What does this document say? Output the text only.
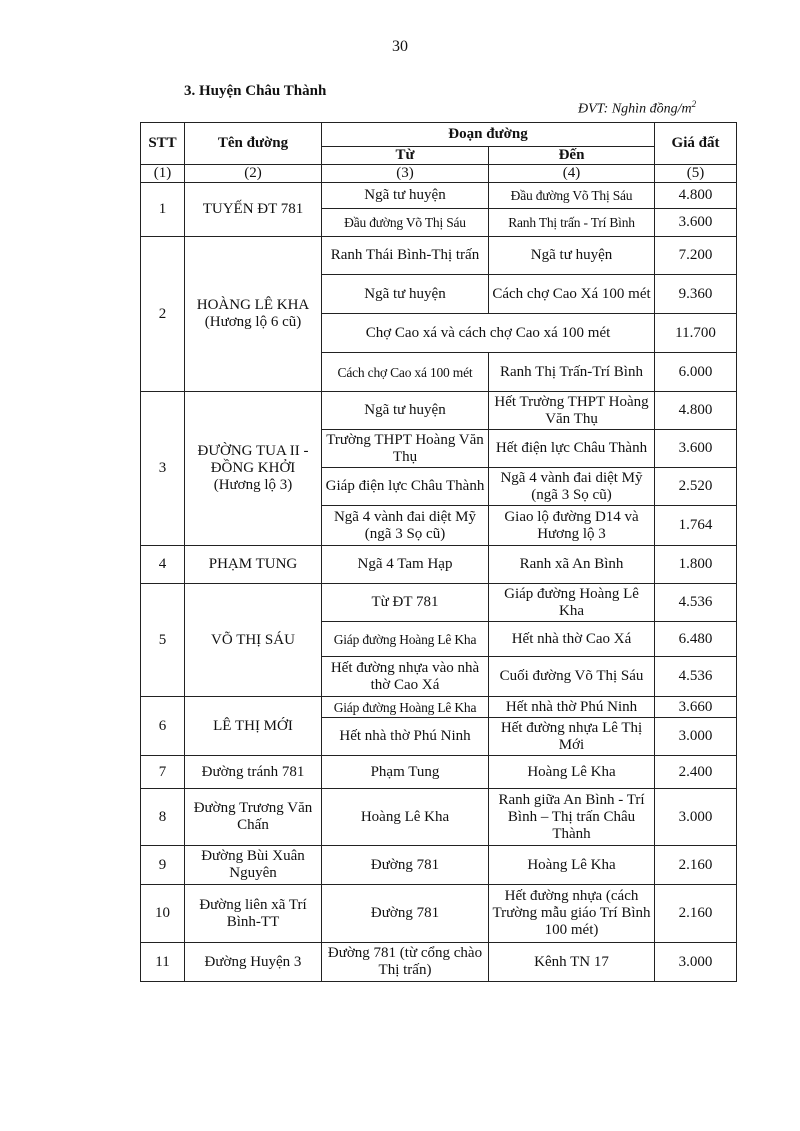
30
3. Huyện Châu Thành
ĐVT: Nghìn đồng/$m^2$
STT	Tên đường	Đoạn đường		Giá đất
		Từ	Đến	
(1)	(2)	(3)	(4)	(5)
1	TUYẾN ĐT 781	Ngã tư huyện	Đầu đường Võ Thị Sáu	4.800
		Đầu đường Võ Thị Sáu	Ranh Thị trấn - Trí Bình	3.600
2	HOÀNG LÊ KHA (Hương lộ 6 cũ)	Ranh Thái Bình-Thị trấn	Ngã tư huyện	7.200
		Ngã tư huyện	Cách chợ Cao Xá 100 mét	9.360
		Chợ Cao xá và cách chợ Cao xá 100 mét		11.700
		Cách chợ Cao xá 100 mét	Ranh Thị Trấn-Trí Bình	6.000
3	ĐƯỜNG TUA II - ĐỒNG KHỞI (Hương lộ 3)	Ngã tư huyện	Hết Trường THPT Hoàng Văn Thụ	4.800
		Trường THPT Hoàng Văn Thụ	Hết điện lực Châu Thành	3.600
		Giáp điện lực Châu Thành	Ngã 4 vành đai diệt Mỹ (ngã 3 Sọ cũ)	2.520
		Ngã 4 vành đai diệt Mỹ (ngã 3 Sọ cũ)	Giao lộ đường D14 và Hương lộ 3	1.764
4	PHẠM TUNG	Ngã 4 Tam Hạp	Ranh xã An Bình	1.800
5	VÕ THỊ SÁU	Từ ĐT 781	Giáp đường Hoàng Lê Kha	4.536
		Giáp đường Hoàng Lê Kha	Hết nhà thờ Cao Xá	6.480
		Hết đường nhựa vào nhà thờ Cao Xá	Cuối đường Võ Thị Sáu	4.536
6	LÊ THỊ MỚI	Giáp đường Hoàng Lê Kha	Hết nhà thờ Phú Ninh	3.660
		Hết nhà thờ Phú Ninh	Hết đường nhựa Lê Thị Mới	3.000
7	Đường tránh 781	Phạm Tung	Hoàng Lê Kha	2.400
8	Đường Trương Văn Chấn	Hoàng Lê Kha	Ranh giữa An Bình - Trí Bình – Thị trấn Châu Thành	3.000
9	Đường Bùi Xuân Nguyên	Đường 781	Hoàng Lê Kha	2.160
10	Đường liên xã Trí Bình-TT	Đường 781	Hết đường nhựa (cách Trường mẫu giáo Trí Bình 100 mét)	2.160
11	Đường Huyện 3	Đường 781 (từ cổng chào Thị trấn)	Kênh TN 17	3.000
